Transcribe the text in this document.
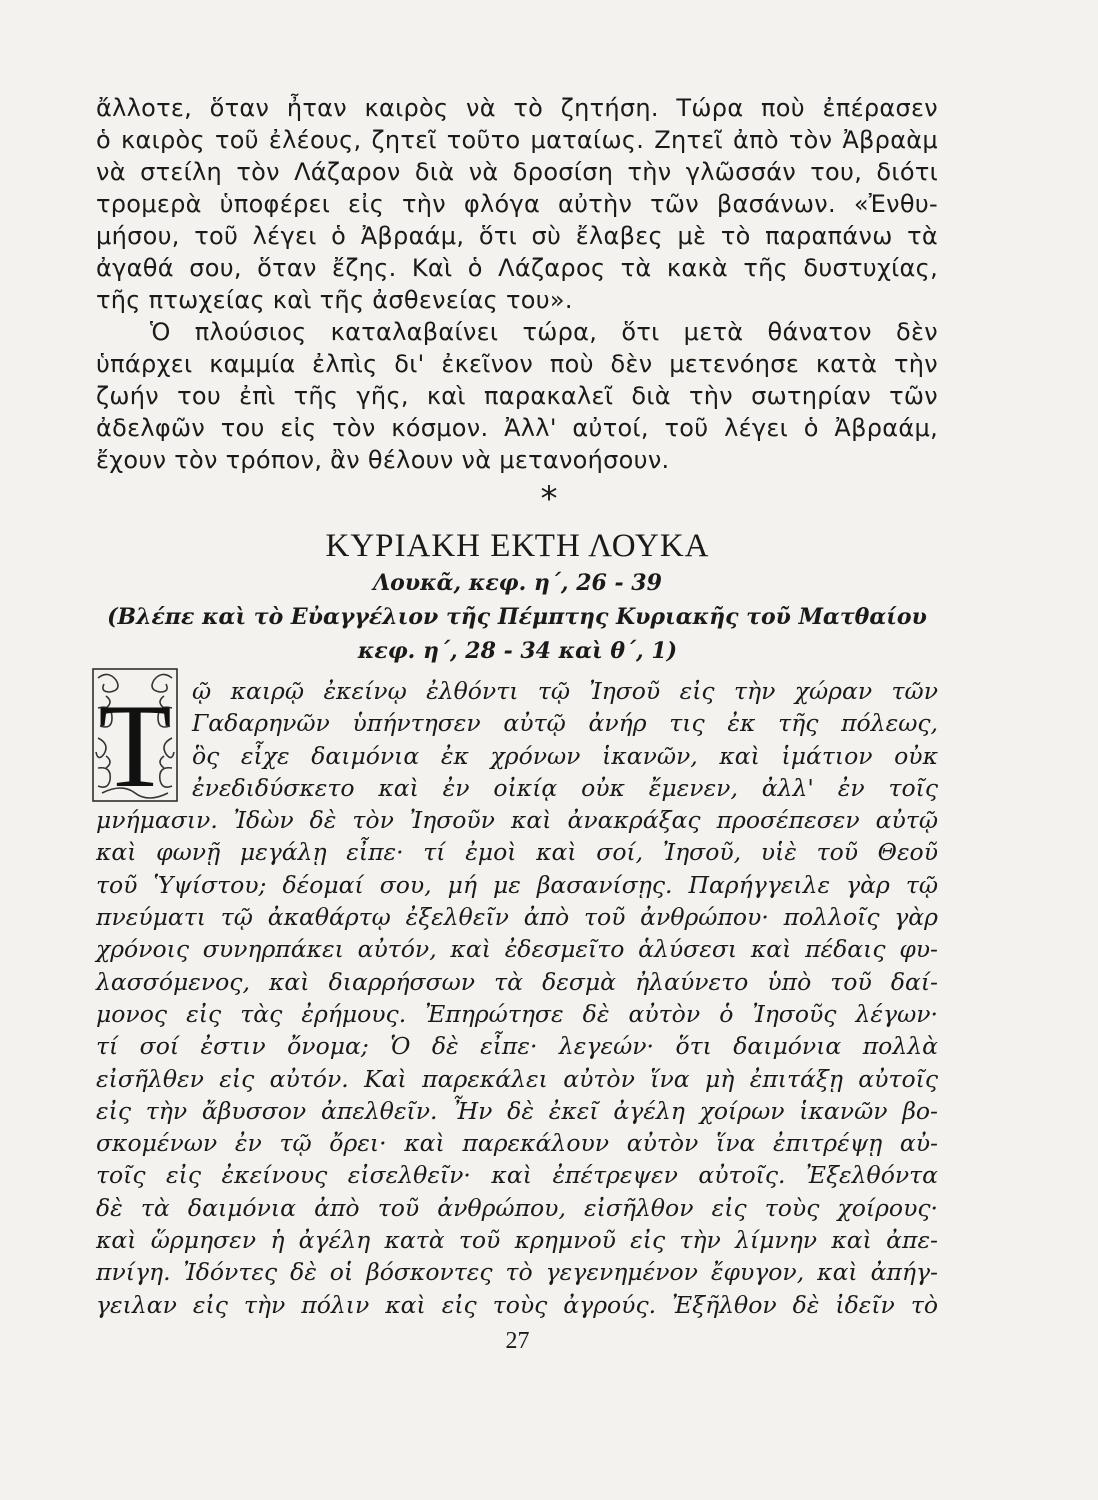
ἄλλοτε, ὅταν ἦταν καιρὸς νὰ τὸ ζητήση. Τώρα ποὺ ἐπέρασεν
ὁ καιρὸς τοῦ ἐλέους, ζητεῖ τοῦτο ματαίως. Ζητεῖ ἀπὸ τὸν Ἀβραὰμ
νὰ στείλη τὸν Λάζαρον διὰ νὰ δροσίση τὴν γλῶσσάν του, διότι
τρομερὰ ὑποφέρει εἰς τὴν φλόγα αὐτὴν τῶν βασάνων. «Ἐνθυ-
μήσου, τοῦ λέγει ὁ Ἀβραάμ, ὅτι σὺ ἔλαβες μὲ τὸ παραπάνω τὰ
ἀγαθά σου, ὅταν ἔζης. Καὶ ὁ Λάζαρος τὰ κακὰ τῆς δυστυχίας,
τῆς πτωχείας καὶ τῆς ἀσθενείας του».
Ὁ πλούσιος καταλαβαίνει τώρα, ὅτι μετὰ θάνατον δὲν
ὑπάρχει καμμία ἐλπὶς δι' ἐκεῖνον ποὺ δὲν μετενόησε κατὰ τὴν
ζωήν του ἐπὶ τῆς γῆς, καὶ παρακαλεῖ διὰ τὴν σωτηρίαν τῶν
ἀδελφῶν του εἰς τὸν κόσμον. Ἀλλ' αὐτοί, τοῦ λέγει ὁ Ἀβραάμ,
ἔχουν τὸν τρόπον, ἂν θέλουν νὰ μετανοήσουν.
*
ΚΥΡΙΑΚΗ ΕΚΤΗ ΛΟΥΚΑ
Λουκᾶ, κεφ. η΄, 26 - 39
(Βλέπε καὶ τὸ Εὐαγγέλιον τῆς Πέμπτης Κυριακῆς τοῦ Ματθαίου
κεφ. η΄, 28 - 34 καὶ θ΄, 1)
Τ ῷ καιρῷ ἐκείνῳ ἐλθόντι τῷ Ἰησοῦ εἰς τὴν χώραν τῶν
Γαδαρηνῶν ὑπήντησεν αὐτῷ ἀνήρ τις ἐκ τῆς πόλεως,
ὃς εἶχε δαιμόνια ἐκ χρόνων ἱκανῶν, καὶ ἱμάτιον οὐκ
ἐνεδιδύσκετο καὶ ἐν οἰκίᾳ οὐκ ἔμενεν, ἀλλ' ἐν τοῖς
μνήμασιν. Ἰδὼν δὲ τὸν Ἰησοῦν καὶ ἀνακράξας προσέπεσεν αὐτῷ
καὶ φωνῇ μεγάλῃ εἶπε· τί ἐμοὶ καὶ σοί, Ἰησοῦ, υἱὲ τοῦ Θεοῦ
τοῦ Ὑψίστου; δέομαί σου, μή με βασανίσῃς. Παρήγγειλε γὰρ τῷ
πνεύματι τῷ ἀκαθάρτῳ ἐξελθεῖν ἀπὸ τοῦ ἀνθρώπου· πολλοῖς γὰρ
χρόνοις συνηρπάκει αὐτόν, καὶ ἐδεσμεῖτο ἁλύσεσι καὶ πέδαις φυ-
λασσόμενος, καὶ διαρρήσσων τὰ δεσμὰ ἠλαύνετο ὑπὸ τοῦ δαί-
μονος εἰς τὰς ἐρήμους. Ἐπηρώτησε δὲ αὐτὸν ὁ Ἰησοῦς λέγων·
τί σοί ἐστιν ὄνομα; Ὁ δὲ εἶπε· λεγεών· ὅτι δαιμόνια πολλὰ
εἰσῆλθεν εἰς αὐτόν. Καὶ παρεκάλει αὐτὸν ἵνα μὴ ἐπιτάξῃ αὐτοῖς
εἰς τὴν ἄβυσσον ἀπελθεῖν. Ἦν δὲ ἐκεῖ ἀγέλη χοίρων ἱκανῶν βο-
σκομένων ἐν τῷ ὄρει· καὶ παρεκάλουν αὐτὸν ἵνα ἐπιτρέψῃ αὐ-
τοῖς εἰς ἐκείνους εἰσελθεῖν· καὶ ἐπέτρεψεν αὐτοῖς. Ἐξελθόντα
δὲ τὰ δαιμόνια ἀπὸ τοῦ ἀνθρώπου, εἰσῆλθον εἰς τοὺς χοίρους·
καὶ ὥρμησεν ἡ ἀγέλη κατὰ τοῦ κρημνοῦ εἰς τὴν λίμνην καὶ ἀπε-
πνίγη. Ἰδόντες δὲ οἱ βόσκοντες τὸ γεγενημένον ἔφυγον, καὶ ἀπήγ-
γειλαν εἰς τὴν πόλιν καὶ εἰς τοὺς ἀγρούς. Ἐξῆλθον δὲ ἰδεῖν τὸ
27
